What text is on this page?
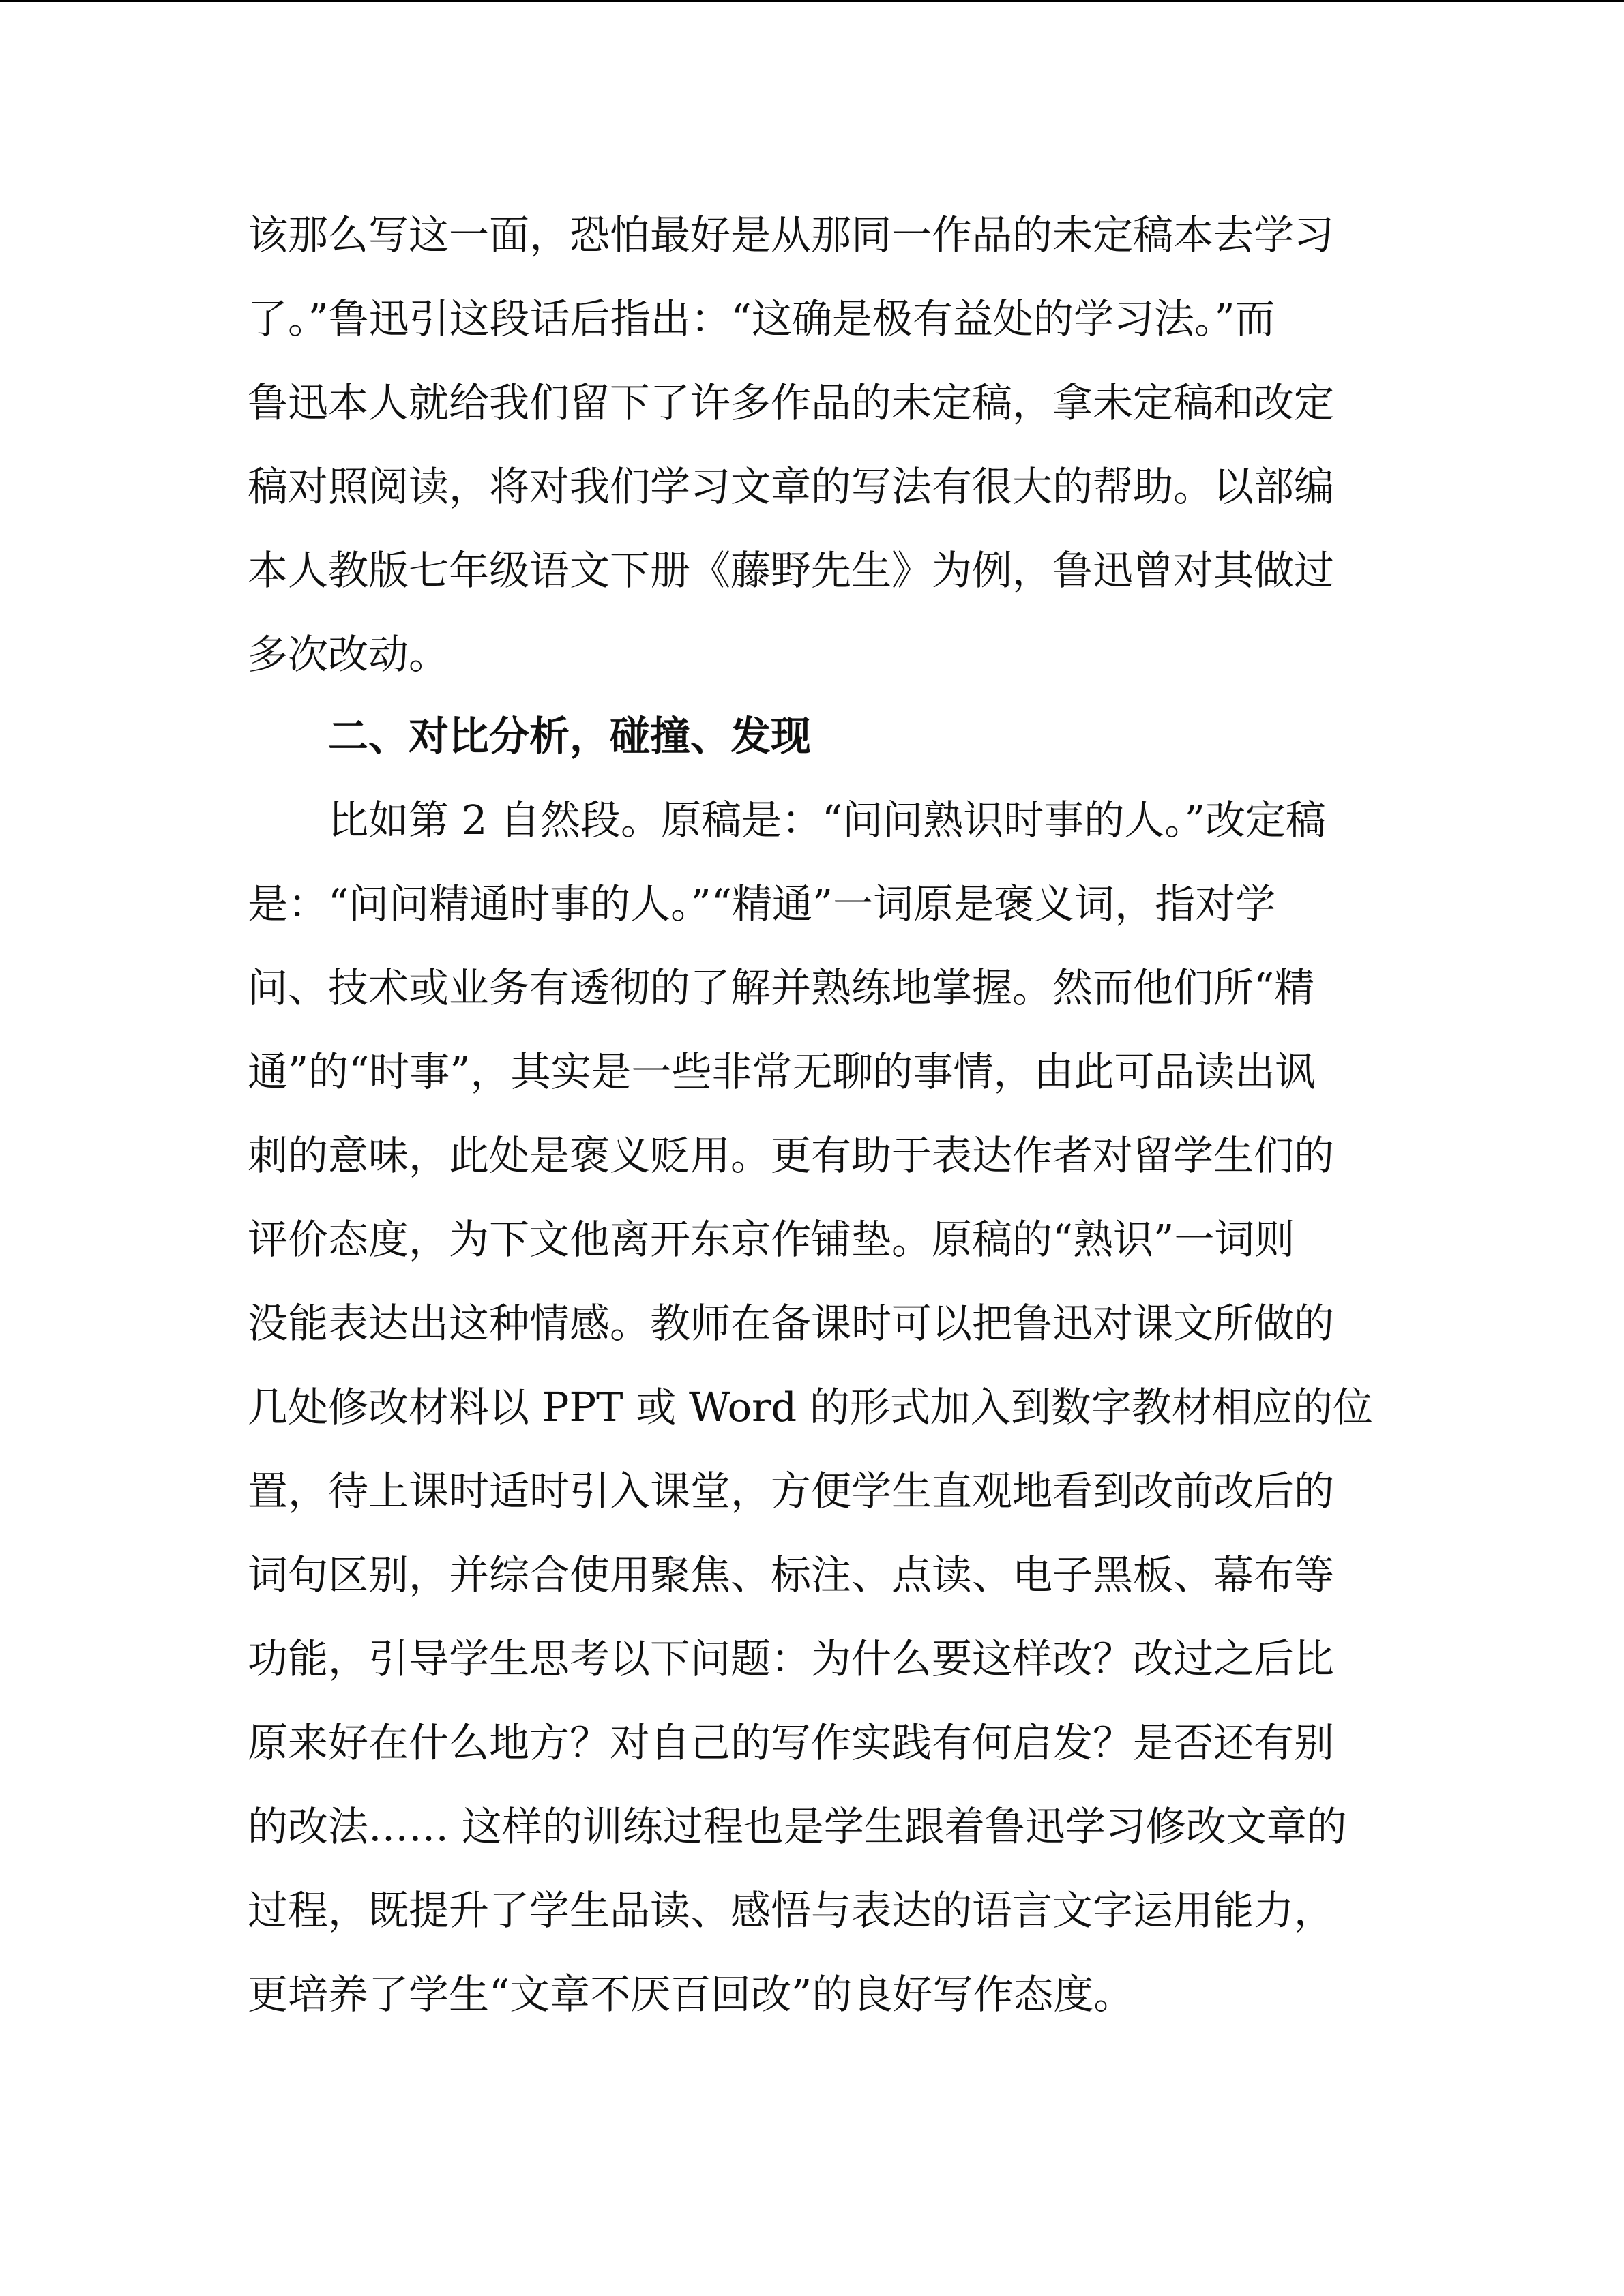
该那么写这一面，恐怕最好是从那同一作品的未定稿本去学习
了。”鲁迅引这段话后指出：“这确是极有益处的学习法。”而
鲁迅本人就给我们留下了许多作品的未定稿，拿未定稿和改定
稿对照阅读，将对我们学习文章的写法有很大的帮助。以部编
本人教版七年级语文下册《藤野先生》为例，鲁迅曾对其做过
多次改动。
二、对比分析，碰撞、发现
比如第 2 自然段。原稿是：“问问熟识时事的人。”改定稿
是：“问问精通时事的人。”“精通”一词原是褒义词，指对学
问、技术或业务有透彻的了解并熟练地掌握。然而他们所“精
通”的“时事”，其实是一些非常无聊的事情，由此可品读出讽
刺的意味，此处是褒义贬用。更有助于表达作者对留学生们的
评价态度，为下文他离开东京作铺垫。原稿的“熟识”一词则
没能表达出这种情感。教师在备课时可以把鲁迅对课文所做的
几处修改材料以 PPT 或 Word 的形式加入到数字教材相应的位
置，待上课时适时引入课堂，方便学生直观地看到改前改后的
词句区别，并综合使用聚焦、标注、点读、电子黑板、幕布等
功能，引导学生思考以下问题：为什么要这样改？改过之后比
原来好在什么地方？对自己的写作实践有何启发？是否还有别
的改法…… 这样的训练过程也是学生跟着鲁迅学习修改文章的
过程，既提升了学生品读、感悟与表达的语言文字运用能力，
更培养了学生“文章不厌百回改”的良好写作态度。
